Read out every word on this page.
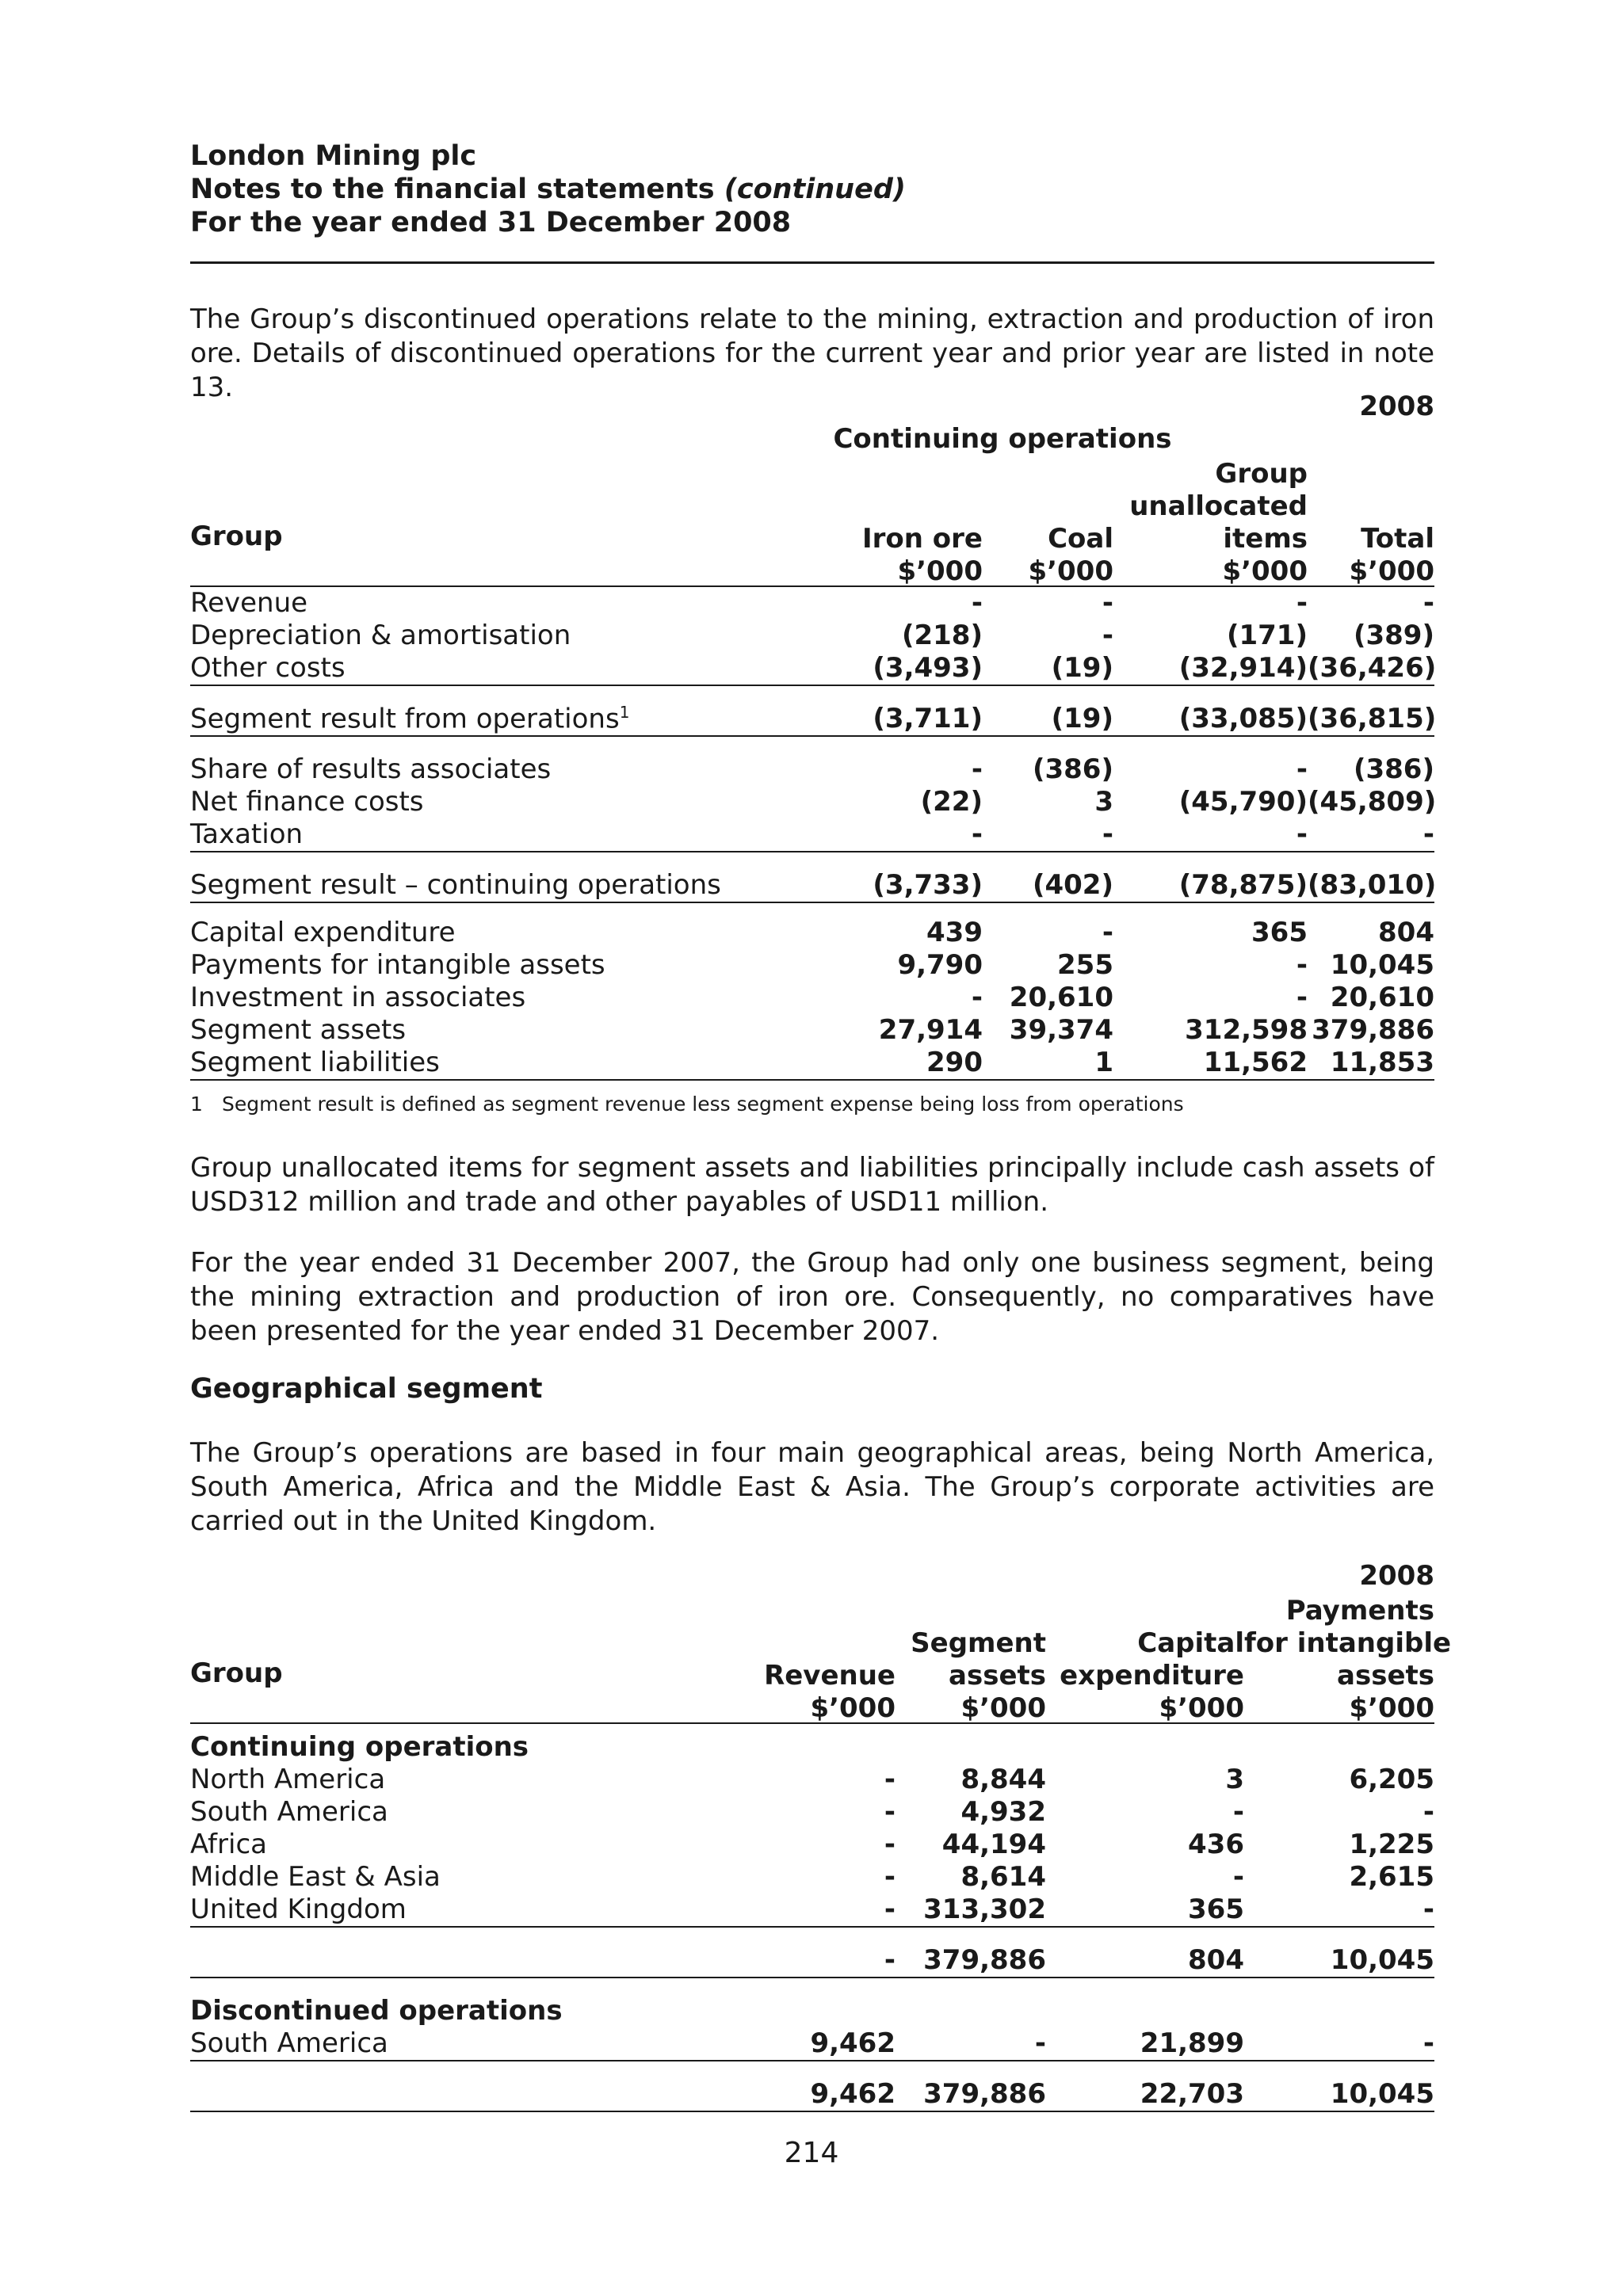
London Mining plc
Notes to the financial statements (continued)
For the year ended 31 December 2008
The Group’s discontinued operations relate to the mining, extraction and production of iron ore. Details of discontinued operations for the current year and prior year are listed in note 13.
				2008
	Continuing operations			
			Group	
			unallocated	
Group	Iron ore	Coal	items	Total
	$’000	$’000	$’000	$’000
Revenue	-	-	-	-
Depreciation & amortisation	(218)	-	(171)	(389)
Other costs	(3,493)	(19)	(32,914)	(36,426)
Segment result from operations$^1$	(3,711)	(19)	(33,085)	(36,815)
Share of results associates	-	(386)	-	(386)
Net finance costs	(22)	3	(45,790)	(45,809)
Taxation	-	-	-	-
Segment result – continuing operations	(3,733)	(402)	(78,875)	(83,010)
Capital expenditure	439	-	365	804
Payments for intangible assets	9,790	255	-	10,045
Investment in associates	-	20,610	-	20,610
Segment assets	27,914	39,374	312,598	379,886
Segment liabilities	290	1	11,562	11,853
1 Segment result is defined as segment revenue less segment expense being loss from operations
Group unallocated items for segment assets and liabilities principally include cash assets of USD312 million and trade and other payables of USD11 million.
For the year ended 31 December 2007, the Group had only one business segment, being the mining extraction and production of iron ore. Consequently, no comparatives have been presented for the year ended 31 December 2007.
Geographical segment
The Group’s operations are based in four main geographical areas, being North America, South America, Africa and the Middle East & Asia. The Group’s corporate activities are carried out in the United Kingdom.

				2008
				Payments
		Segment	Capital	for intangible
Group	Revenue	assets	expenditure	assets
	$’000	$’000	$’000	$’000
Continuing operations				
North America	-	8,844	3	6,205
South America	-	4,932	-	-
Africa	-	44,194	436	1,225
Middle East & Asia	-	8,614	-	2,615
United Kingdom	-	313,302	365	-
	-	379,886	804	10,045
Discontinued operations				
South America	9,462	-	21,899	-
	9,462	379,886	22,703	10,045
214
